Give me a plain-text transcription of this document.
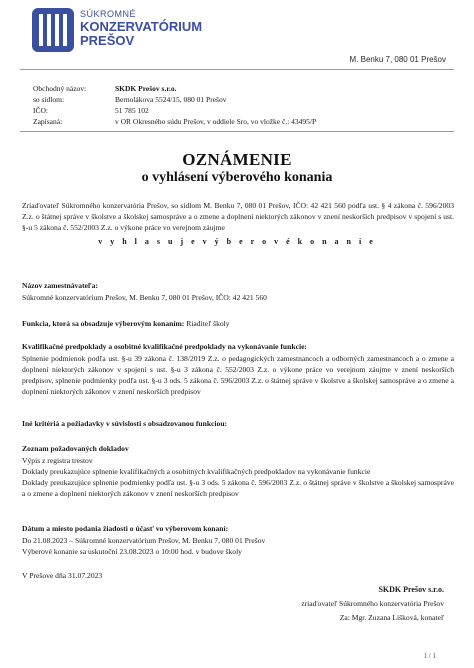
SÚKROMNÉ
KONZERVATÓRIUM
PREŠOV
M. Benku 7, 080 01 Prešov
Obchodný názov:	SKDK Prešov s.r.o.
so sídlom:	Bernolákova 5524/15, 080 01 Prešov
IČO:	51 785 102
Zapísaná:	v OR Okresného súdu Prešov, v oddiele Sro, vo vložke č.: 43495/P
OZNÁMENIE
o vyhlásení výberového konania
Zriaďovateľ Súkromného konzervatória Prešov, so sídlom M. Benku 7, 080 01 Prešov, IČO: 42 421 560 podľa ust. § 4 zákona č. 596/2003 Z.z. o štátnej správe v školstve a školskej samospráve a o zmene a doplnení niektorých zákonov v znení neskorších predpisov v spojení s ust. §-u 5 zákona č. 552/2003 Z.z. o výkone práce vo verejnom záujme
v y h l a s u j e v ý b e r o v é k o n a n i e
Názov zamestnávateľa:
Súkromné konzervatórium Prešov, M. Benku 7, 080 01 Prešov, IČO: 42 421 560
Funkcia, ktorá sa obsadzuje výberovým konaním: Riaditeľ školy
Kvalifikačné predpoklady a osobitné kvalifikačné predpoklady na vykonávanie funkcie:
Splnenie podmienok podľa ust. §-u 39 zákona č. 138/2019 Z.z. o pedagogických zamestnancoch a odborných zamestnancoch a o zmene a doplnení niektorých zákonov v spojení s ust. §-u 3 zákona č. 552/2003 Z.z. o výkone práce vo verejnom záujme v znení neskorších predpisov, splnenie podmienky podľa ust. §-u 3 ods. 5 zákona č. 596/2003 Z.z. o štátnej správe v školstve a školskej samospráve a o zmene a doplnení niektorých zákonov v znení neskorších predpisov
Iné kritériá a požiadavky v súvislosti s obsadzovanou funkciou:
Zoznam požadovaných dokladov
Výpis z registra trestov
Doklady preukazujúce splnenie kvalifikačných a osobitných kvalifikačných predpokladov na vykonávanie funkcie
Doklady preukazujúce splnenie podmienky podľa ust. §-u 3 ods. 5 zákona č. 596/2003 Z.z. o štátnej správe v školstve a školskej samospráve a o zmene a doplnení niektorých zákonov v znení neskorších predpisov
Dátum a miesto podania žiadosti o účasť vo výberovom konaní:
Do 21.08.2023 – Súkromné konzervatórium Prešov, M. Benku 7, 080 01 Prešov
Výberové konanie sa uskutoční 23.08.2023 o 10:00 hod. v budove školy
V Prešove dňa 31.07.2023
SKDK Prešov s.r.o.
zriaďovateľ Súkromného konzervatória Prešov
Za: Mgr. Zuzana Lišková, konateľ
1 / 1
